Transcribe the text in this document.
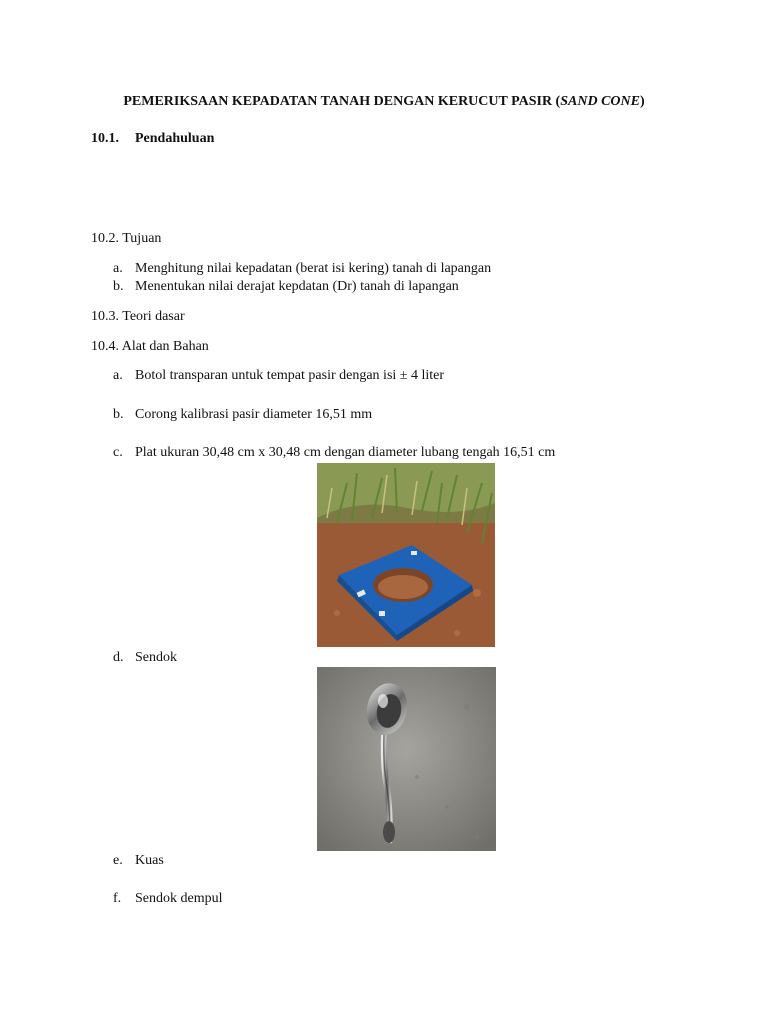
PEMERIKSAAN KEPADATAN TANAH DENGAN KERUCUT PASIR (SAND CONE)
10.1. Pendahuluan
10.2. Tujuan
a. Menghitung nilai kepadatan (berat isi kering) tanah di lapangan
b. Menentukan nilai derajat kepdatan (Dr) tanah di lapangan
10.3. Teori dasar
10.4. Alat dan Bahan
a. Botol transparan untuk tempat pasir dengan isi ± 4 liter
b. Corong kalibrasi pasir diameter 16,51 mm
c. Plat ukuran 30,48 cm x 30,48 cm dengan diameter lubang tengah 16,51 cm
d. Sendok
e. Kuas
f. Sendok dempul
